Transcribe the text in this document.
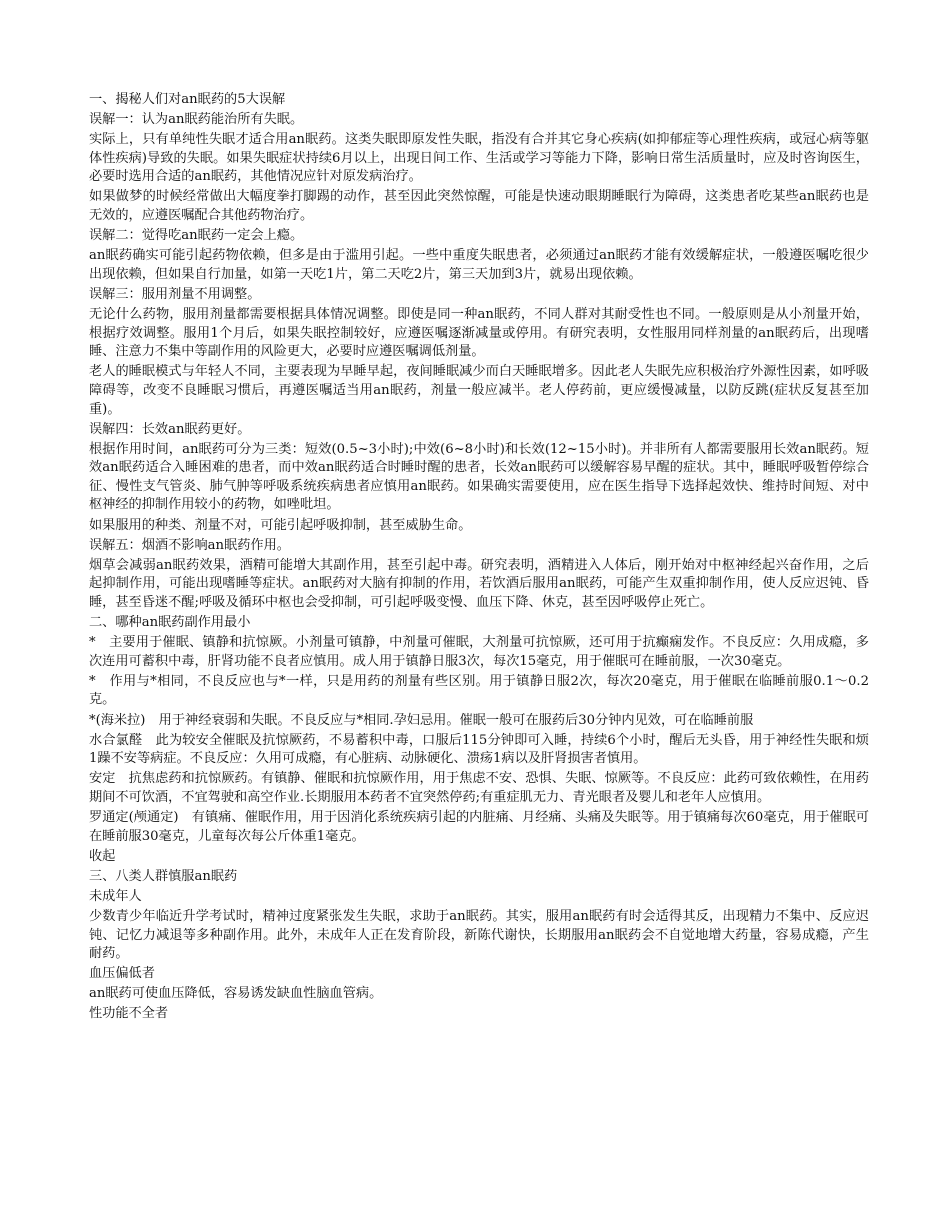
一、揭秘人们对an眠药的5大误解

误解一：认为an眠药能治所有失眠。

实际上，只有单纯性失眠才适合用an眠药。这类失眠即原发性失眠，指没有合并其它身心疾病(如抑郁症等心理性疾病，或冠心病等躯体性疾病)导致的失眠。如果失眠症状持续6月以上，出现日间工作、生活或学习等能力下降，影响日常生活质量时，应及时咨询医生，必要时选用合适的an眠药，其他情况应针对原发病治疗。

如果做梦的时候经常做出大幅度拳打脚踢的动作，甚至因此突然惊醒，可能是快速动眼期睡眠行为障碍，这类患者吃某些an眠药也是无效的，应遵医嘱配合其他药物治疗。

误解二：觉得吃an眠药一定会上瘾。

an眠药确实可能引起药物依赖，但多是由于滥用引起。一些中重度失眠患者，必须通过an眠药才能有效缓解症状，一般遵医嘱吃很少出现依赖，但如果自行加量，如第一天吃1片，第二天吃2片，第三天加到3片，就易出现依赖。

误解三：服用剂量不用调整。

无论什么药物，服用剂量都需要根据具体情况调整。即使是同一种an眠药，不同人群对其耐受性也不同。一般原则是从小剂量开始，根据疗效调整。服用1个月后，如果失眠控制较好，应遵医嘱逐渐减量或停用。有研究表明，女性服用同样剂量的an眠药后，出现嗜睡、注意力不集中等副作用的风险更大，必要时应遵医嘱调低剂量。

老人的睡眠模式与年轻人不同，主要表现为早睡早起，夜间睡眠减少而白天睡眠增多。因此老人失眠先应积极治疗外源性因素，如呼吸障碍等，改变不良睡眠习惯后，再遵医嘱适当用an眠药，剂量一般应减半。老人停药前，更应缓慢减量，以防反跳(症状反复甚至加重)。

误解四：长效an眠药更好。

根据作用时间，an眠药可分为三类：短效(0.5~3小时);中效(6~8小时)和长效(12~15小时)。并非所有人都需要服用长效an眠药。短效an眠药适合入睡困难的患者，而中效an眠药适合时睡时醒的患者，长效an眠药可以缓解容易早醒的症状。其中，睡眠呼吸暂停综合征、慢性支气管炎、肺气肿等呼吸系统疾病患者应慎用an眠药。如果确实需要使用，应在医生指导下选择起效快、维持时间短、对中枢神经的抑制作用较小的药物，如唑吡坦。

如果服用的种类、剂量不对，可能引起呼吸抑制，甚至威胁生命。

误解五：烟酒不影响an眠药作用。

烟草会减弱an眠药效果，酒精可能增大其副作用，甚至引起中毒。研究表明，酒精进入人体后，刚开始对中枢神经起兴奋作用，之后起抑制作用，可能出现嗜睡等症状。an眠药对大脑有抑制的作用，若饮酒后服用an眠药，可能产生双重抑制作用，使人反应迟钝、昏睡，甚至昏迷不醒;呼吸及循环中枢也会受抑制，可引起呼吸变慢、血压下降、休克，甚至因呼吸停止死亡。

二、哪种an眠药副作用最小

*　主要用于催眠、镇静和抗惊厥。小剂量可镇静，中剂量可催眠，大剂量可抗惊厥，还可用于抗癫痫发作。不良反应：久用成瘾，多次连用可蓄积中毒，肝肾功能不良者应慎用。成人用于镇静日服3次，每次15毫克，用于催眠可在睡前服，一次30毫克。

*　作用与*相同，不良反应也与*一样，只是用药的剂量有些区别。用于镇静日服2次，每次20毫克，用于催眠在临睡前服0.1～0.2克。

*(海米拉)　用于神经衰弱和失眠。不良反应与*相同.孕妇忌用。催眠一般可在服药后30分钟内见效，可在临睡前服

水合氯醛　此为较安全催眠及抗惊厥药，不易蓄积中毒，口服后115分钟即可入睡，持续6个小时，醒后无头昏，用于神经性失眠和烦1躁不安等病症。不良反应：久用可成瘾，有心脏病、动脉硬化、溃疡1病以及肝肾损害者慎用。

安定　抗焦虑药和抗惊厥药。有镇静、催眠和抗惊厥作用，用于焦虑不安、恐惧、失眠、惊厥等。不良反应：此药可致依赖性，在用药期间不可饮酒，不宜驾驶和高空作业.长期服用本药者不宜突然停药;有重症肌无力、青光眼者及婴儿和老年人应慎用。

罗通定(颅通定)　有镇痛、催眠作用，用于因消化系统疾病引起的内脏痛、月经痛、头痛及失眠等。用于镇痛每次60毫克，用于催眠可在睡前服30毫克，儿童每次每公斤体重1毫克。

收起

三、八类人群慎服an眠药

未成年人

少数青少年临近升学考试时，精神过度紧张发生失眠，求助于an眠药。其实，服用an眠药有时会适得其反，出现精力不集中、反应迟钝、记忆力减退等多种副作用。此外，未成年人正在发育阶段，新陈代谢快，长期服用an眠药会不自觉地增大药量，容易成瘾，产生耐药。

血压偏低者

an眠药可使血压降低，容易诱发缺血性脑血管病。

性功能不全者
